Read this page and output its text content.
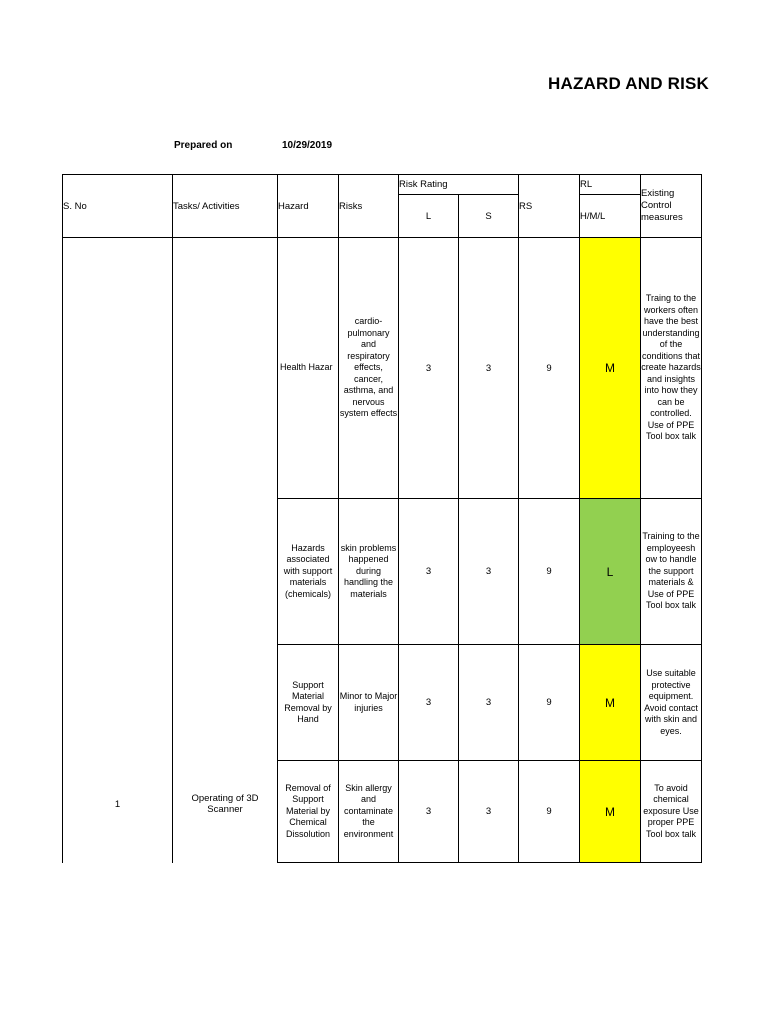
HAZARD AND RISK
Prepared on	10/29/2019
S. No	Tasks/ Activities	Hazard	Risks	Risk Rating		RS	RL	Existing Control measures
				L	S		H/M/L	

1	Operating of 3D Scanner	Health Hazar	cardio-pulmonary and respiratory effects, cancer, asthma, and nervous system effects	3	3	9	M	Traing to the workers often have the best understanding of the conditions that create hazards and insights into how they can be controlled. Use of PPE Tool box talk
		Hazards associated with support materials (chemicals)	skin problems happened during handling the materials	3	3	9	L	Training to the employeesh ow to handle the support materials & Use of PPE Tool box talk
		Support Material Removal by Hand	Minor to Major injuries	3	3	9	M	Use suitable protective equipment. Avoid contact with skin and eyes.
		Removal of Support Material by Chemical Dissolution	Skin allergy and contaminate the environment	3	3	9	M	To avoid chemical exposure Use proper PPE Tool box talk
